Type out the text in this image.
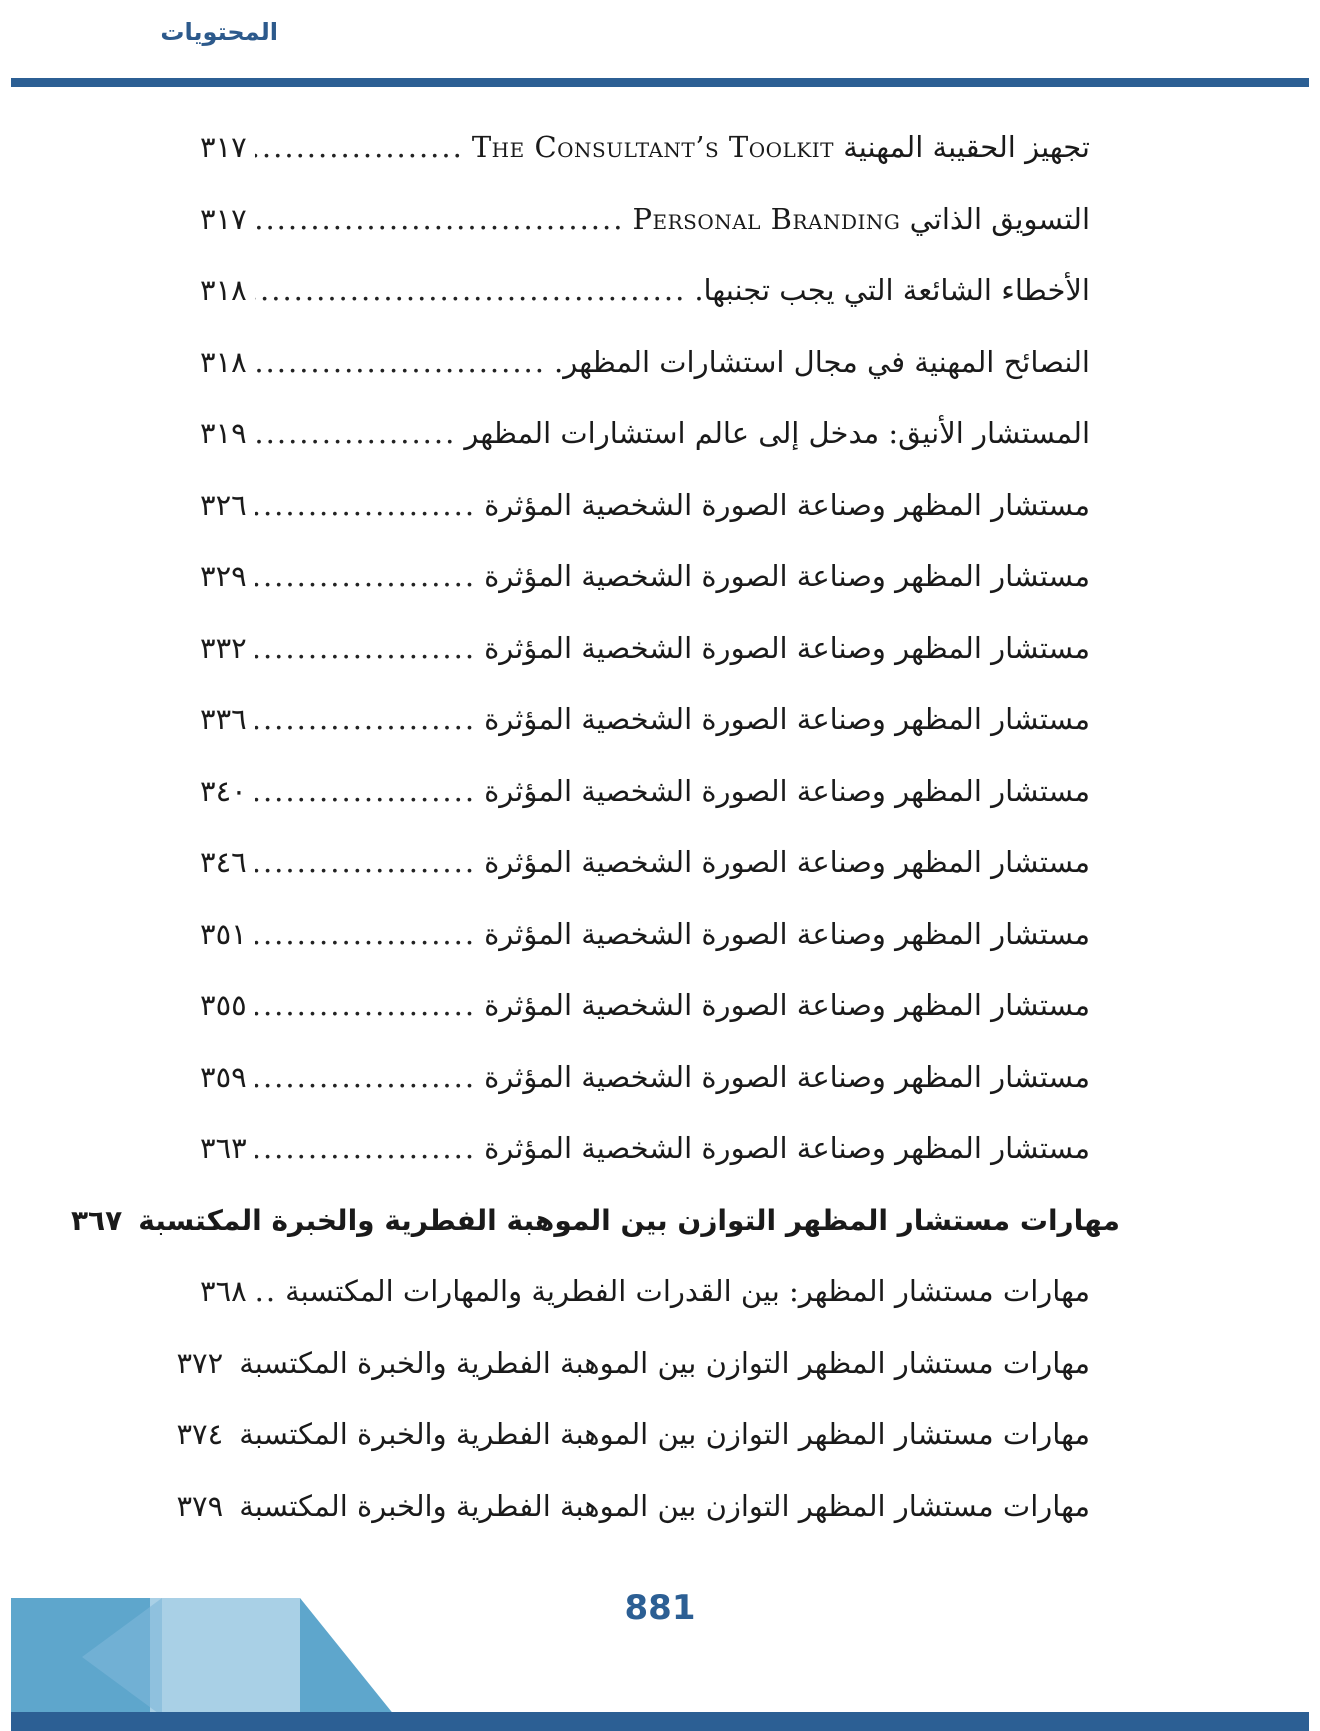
المحتويات
تجهيز الحقيبة المهنية The Consultant’s Toolkit
.....
٣١٧
التسويق الذاتي Personal Branding
.....
٣١٧
الأخطاء الشائعة التي يجب تجنبها.
.....
٣١٨
النصائح المهنية في مجال استشارات المظهر.
.....
٣١٨
المستشار الأنيق: مدخل إلى عالم استشارات المظهر
.....
٣١٩
مستشار المظهر وصناعة الصورة الشخصية المؤثرة
.....
٣٢٦
مستشار المظهر وصناعة الصورة الشخصية المؤثرة
.....
٣٢٩
مستشار المظهر وصناعة الصورة الشخصية المؤثرة
.....
٣٣٢
مستشار المظهر وصناعة الصورة الشخصية المؤثرة
.....
٣٣٦
مستشار المظهر وصناعة الصورة الشخصية المؤثرة
.....
٣٤٠
مستشار المظهر وصناعة الصورة الشخصية المؤثرة
.....
٣٤٦
مستشار المظهر وصناعة الصورة الشخصية المؤثرة
.....
٣٥١
مستشار المظهر وصناعة الصورة الشخصية المؤثرة
.....
٣٥٥
مستشار المظهر وصناعة الصورة الشخصية المؤثرة
.....
٣٥٩
مستشار المظهر وصناعة الصورة الشخصية المؤثرة
.....
٣٦٣
مهارات مستشار المظهر التوازن بين الموهبة الفطرية والخبرة المكتسبة
٣٦٧
مهارات مستشار المظهر: بين القدرات الفطرية والمهارات المكتسبة
.....
٣٦٨
مهارات مستشار المظهر التوازن بين الموهبة الفطرية والخبرة المكتسبة
٣٧٢
مهارات مستشار المظهر التوازن بين الموهبة الفطرية والخبرة المكتسبة
٣٧٤
مهارات مستشار المظهر التوازن بين الموهبة الفطرية والخبرة المكتسبة
٣٧٩
881
